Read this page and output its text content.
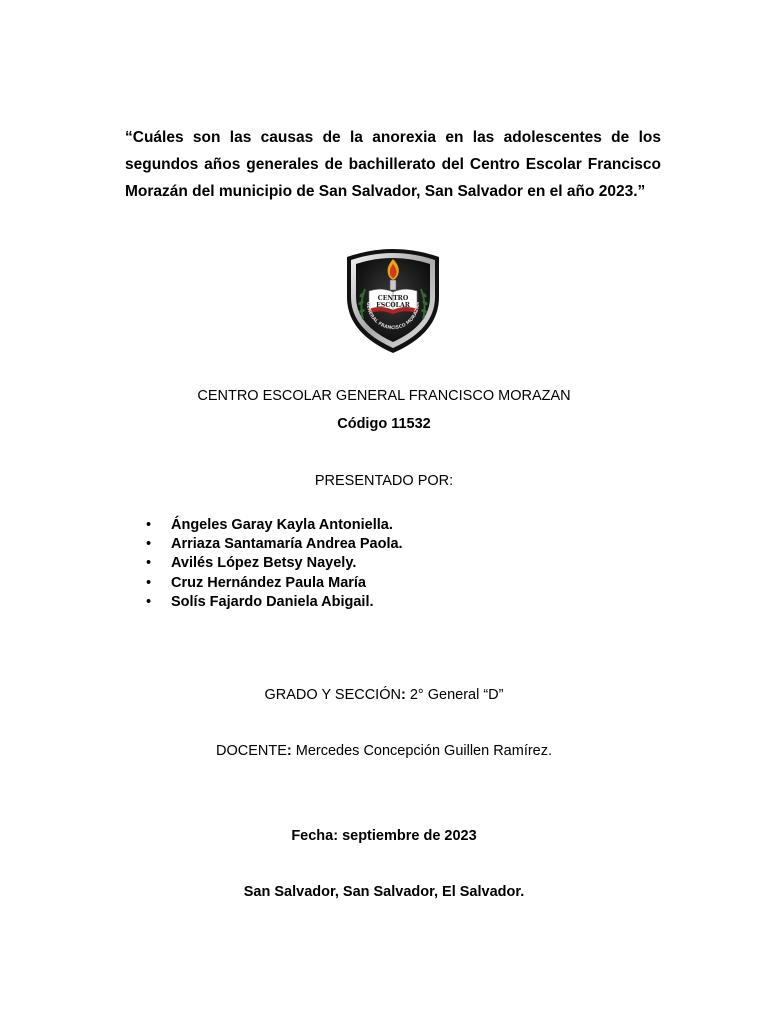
“Cuáles son las causas de la anorexia en las adolescentes de los segundos años generales de bachillerato del Centro Escolar Francisco Morazán del municipio de San Salvador, San Salvador en el año 2023.”
CENTRO
ESCOLAR
GENERAL FRANCISCO MORAZAN
CENTRO ESCOLAR GENERAL FRANCISCO MORAZAN
Código 11532
PRESENTADO POR:
• Ángeles Garay Kayla Antoniella.
• Arriaza Santamaría Andrea Paola.
• Avilés López Betsy Nayely.
• Cruz Hernández Paula María
• Solís Fajardo Daniela Abigail.
GRADO Y SECCIÓN: 2° General “D”
DOCENTE: Mercedes Concepción Guillen Ramírez.
Fecha: septiembre de 2023
San Salvador, San Salvador, El Salvador.
